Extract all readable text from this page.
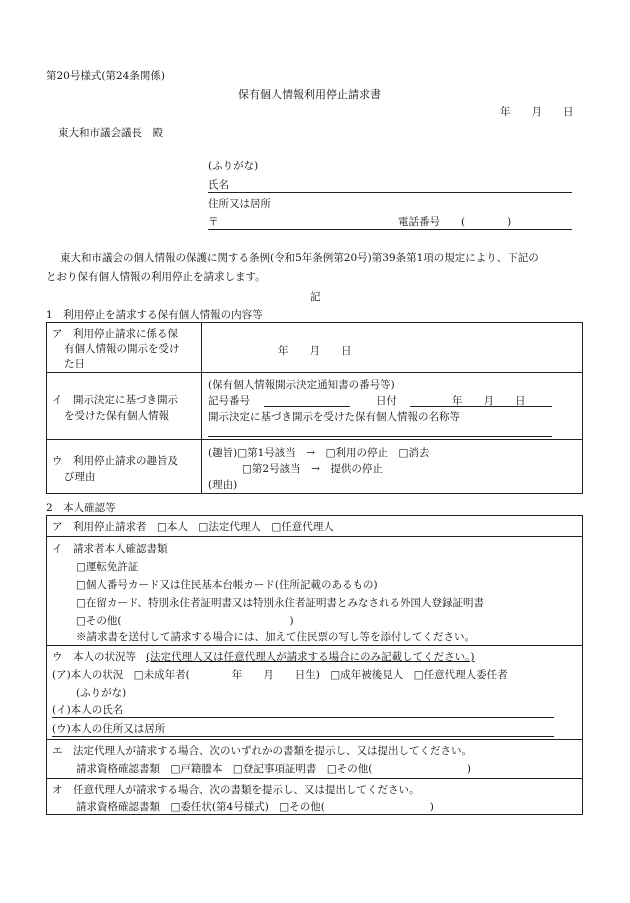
第20号様式(第24条関係)
保有個人情報利用停止請求書
年　　月　　日
東大和市議会議長　殿
(ふりがな)
氏名
住所又は居所
〒	電話番号　　(　　　　)
東大和市議会の個人情報の保護に関する条例(令和5年条例第20号)第39条第1項の規定により、下記の
とおり保有個人情報の利用停止を請求します。
記
1　利用停止を請求する保有個人情報の内容等
ア　利用停止請求に係る保
有個人情報の開示を受け
た日
年　　月　　日
イ　開示決定に基づき開示
を受けた保有個人情報
(保有個人情報開示決定通知書の番号等)
記号番号	日付	年　　月　　日
開示決定に基づき開示を受けた保有個人情報の名称等
ウ　利用停止請求の趣旨及
び理由
(趣旨)□第1号該当　→　□利用の停止　□消去
□第2号該当　→　提供の停止
(理由)
2　本人確認等
ア　利用停止請求者　□本人　□法定代理人　□任意代理人
イ　請求者本人確認書類
□運転免許証
□個人番号カード又は住民基本台帳カード(住所記載のあるもの)
□在留カード、特別永住者証明書又は特別永住者証明書とみなされる外国人登録証明書
□その他(　　　　　　　　　　　　　　　　)
※請求書を送付して請求する場合には、加えて住民票の写し等を添付してください。
ウ　本人の状況等 (法定代理人又は任意代理人が請求する場合にのみ記載してください。)
(ア)本人の状況　□未成年者(　　　　年　　月　　日生)　□成年被後見人　□任意代理人委任者
(ふりがな)
(イ)本人の氏名
(ウ)本人の住所又は居所
エ　法定代理人が請求する場合、次のいずれかの書類を提示し、又は提出してください。
請求資格確認書類　□戸籍謄本　□登記事項証明書　□その他(　　　　　　　　　)
オ　任意代理人が請求する場合、次の書類を提示し、又は提出してください。
請求資格確認書類　□委任状(第4号様式)　□その他(　　　　　　　　　　)
